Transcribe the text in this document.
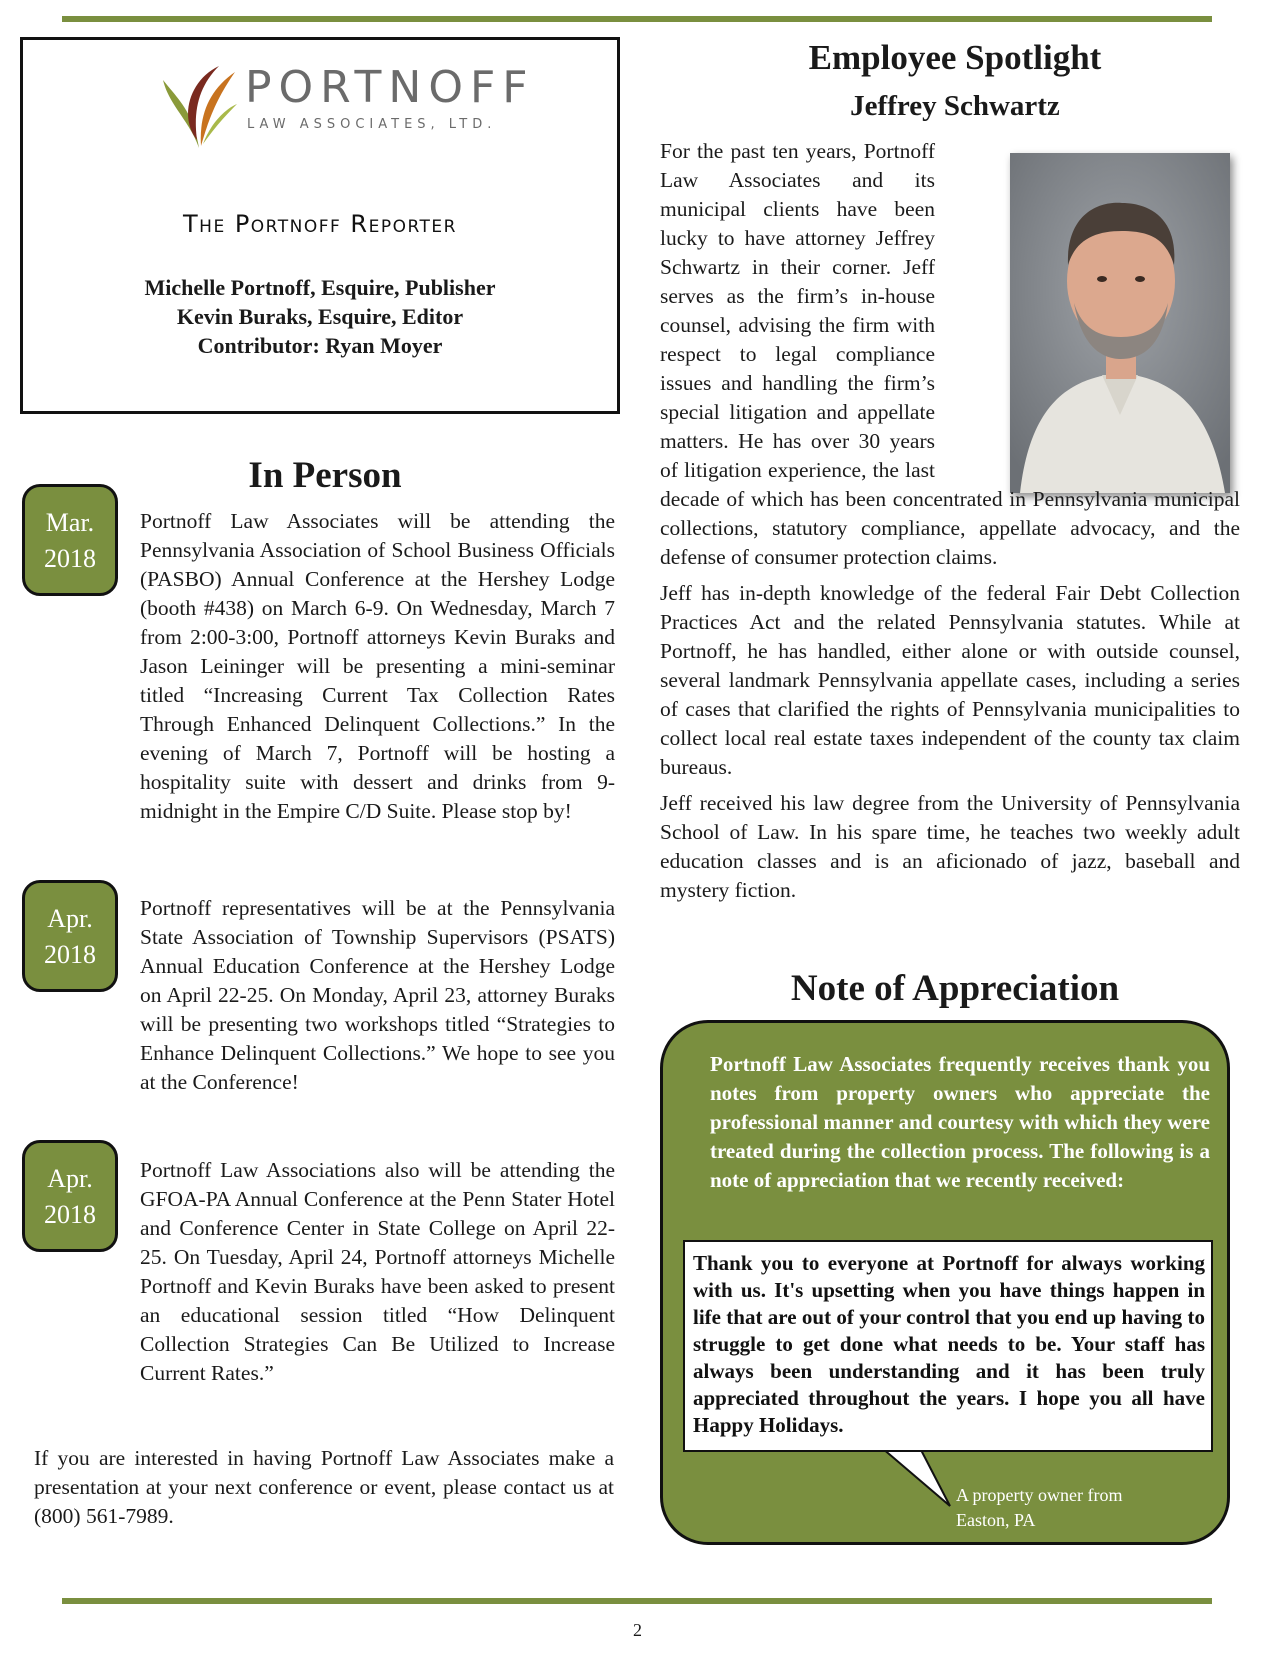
PORTNOFF
LAW ASSOCIATES, LTD.
The Portnoff Reporter
Michelle Portnoff, Esquire, Publisher
Kevin Buraks, Esquire, Editor
Contributor: Ryan Moyer
In Person
Mar.
2018
Portnoff Law Associates will be attending the Pennsylvania Association of School Business Officials (PASBO) Annual Conference at the Hershey Lodge (booth #438) on March 6-9. On Wednesday, March 7 from 2:00-3:00, Portnoff attorneys Kevin Buraks and Jason Leininger will be presenting a mini-seminar titled “Increasing Current Tax Collection Rates Through Enhanced Delinquent Collections.” In the evening of March 7, Portnoff will be hosting a hospitality suite with dessert and drinks from 9-midnight in the Empire C/D Suite. Please stop by!
Apr.
2018
Portnoff representatives will be at the Pennsylvania State Association of Township Supervisors (PSATS) Annual Education Conference at the Hershey Lodge on April 22-25. On Monday, April 23, attorney Buraks will be presenting two workshops titled “Strategies to Enhance Delinquent Collections.” We hope to see you at the Conference!
Apr.
2018
Portnoff Law Associations also will be attending the GFOA-PA Annual Conference at the Penn Stater Hotel and Conference Center in State College on April 22-25. On Tuesday, April 24, Portnoff attorneys Michelle Portnoff and Kevin Buraks have been asked to present an educational session titled “How Delinquent Collection Strategies Can Be Utilized to Increase Current Rates.”
If you are interested in having Portnoff Law Associates make a presentation at your next conference or event, please contact us at (800) 561-7989.
Employee Spotlight
Jeffrey Schwartz

For the past ten years, Portnoff Law Associates and its municipal clients have been lucky to have attorney Jeffrey Schwartz in their corner. Jeff serves as the firm’s in-house counsel, advising the firm with respect to legal compliance issues and handling the firm’s special litigation and appellate matters. He has over 30 years of litigation experience, the last decade of which has been concentrated in Pennsylvania municipal collections, statutory compliance, appellate advocacy, and the defense of consumer protection claims.

Jeff has in-depth knowledge of the federal Fair Debt Collection Practices Act and the related Pennsylvania statutes. While at Portnoff, he has handled, either alone or with outside counsel, several landmark Pennsylvania appellate cases, including a series of cases that clarified the rights of Pennsylvania municipalities to collect local real estate taxes independent of the county tax claim bureaus.

Jeff received his law degree from the University of Pennsylvania School of Law. In his spare time, he teaches two weekly adult education classes and is an aficionado of jazz, baseball and mystery fiction.

Note of Appreciation
Portnoff Law Associates frequently receives thank you notes from property owners who appreciate the professional manner and courtesy with which they were treated during the collection process. The following is a note of appreciation that we recently received:
Thank you to everyone at Portnoff for always working with us. It's upsetting when you have things happen in life that are out of your control that you end up having to struggle to get done what needs to be. Your staff has always been understanding and it has been truly appreciated throughout the years. I hope you all have Happy Holidays.
A property owner from
Easton, PA
2
